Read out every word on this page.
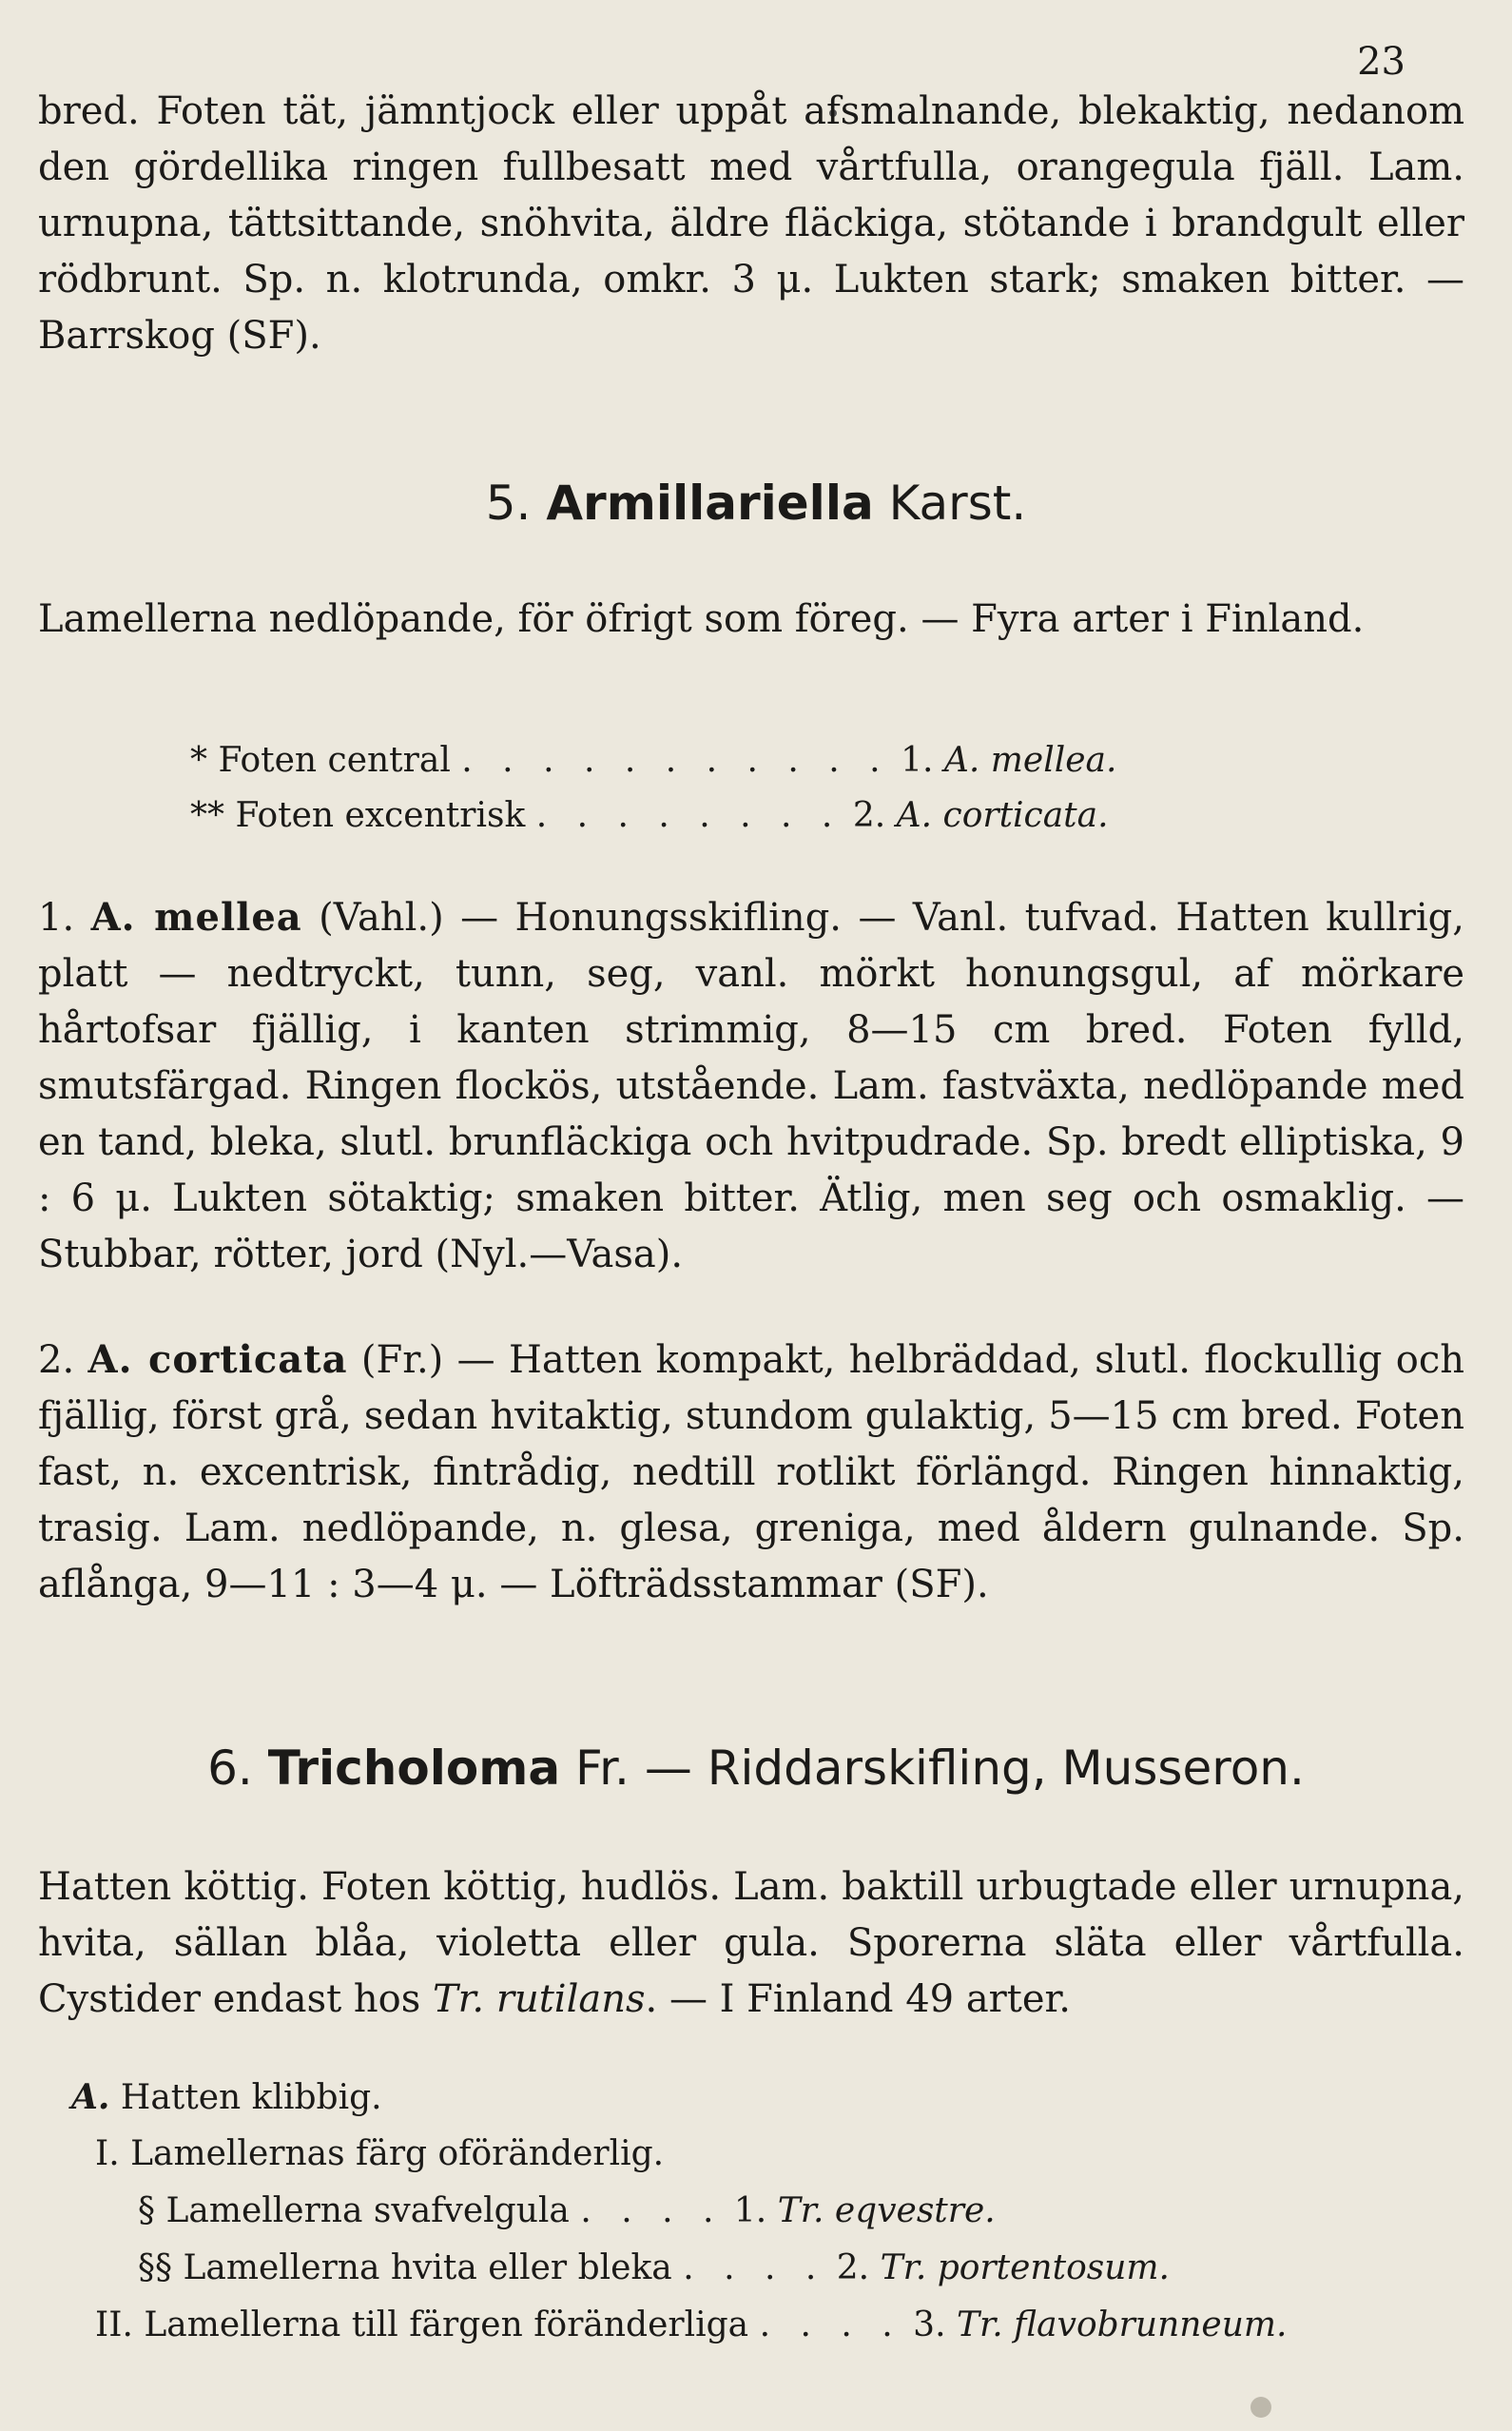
23
bred. Foten tät, jämntjock eller uppåt afsmalnande, blekaktig, nedanom den gördellika ringen fullbesatt med vårtfulla, orangegula fjäll. Lam. urnupna, tättsittande, snöhvita, äldre fläckiga, stötande i brandgult eller rödbrunt. Sp. n. klotrunda, omkr. 3 μ. Lukten stark; smaken bitter. — Barrskog (SF).
5. Armillariella Karst.
Lamellerna nedlöpande, för öfrigt som föreg. — Fyra arter i Finland.
* Foten central . . . . . . . . . . . 1. A. mellea.
** Foten excentrisk . . . . . . . . 2. A. corticata.
1. A. mellea (Vahl.) — Honungsskifling. — Vanl. tufvad. Hatten kullrig, platt — nedtryckt, tunn, seg, vanl. mörkt honungsgul, af mörkare hårtofsar fjällig, i kanten strimmig, 8—15 cm bred. Foten fylld, smutsfärgad. Ringen flockös, utstående. Lam. fastväxta, nedlöpande med en tand, bleka, slutl. brunfläckiga och hvitpudrade. Sp. bredt elliptiska, 9 : 6 μ. Lukten sötaktig; smaken bitter. Ätlig, men seg och osmaklig. — Stubbar, rötter, jord (Nyl.—Vasa).
2. A. corticata (Fr.) — Hatten kompakt, helbräddad, slutl. flockullig och fjällig, först grå, sedan hvitaktig, stundom gulaktig, 5—15 cm bred. Foten fast, n. excentrisk, fintrådig, nedtill rotlikt förlängd. Ringen hinnaktig, trasig. Lam. nedlöpande, n. glesa, greniga, med åldern gulnande. Sp. aflånga, 9—11 : 3—4 μ. — Löfträdsstammar (SF).
6. Tricholoma Fr. — Riddarskifling, Musseron.
Hatten köttig. Foten köttig, hudlös. Lam. baktill urbugtade eller urnupna, hvita, sällan blåa, violetta eller gula. Sporerna släta eller vårtfulla. Cystider endast hos Tr. rutilans. — I Finland 49 arter.
A. Hatten klibbig.
I. Lamellernas färg oföränderlig.
§ Lamellerna svafvelgula . . . . 1. Tr. eqvestre.
§§ Lamellerna hvita eller bleka . . . . 2. Tr. portentosum.
II. Lamellerna till färgen föränderliga . . . . 3. Tr. flavobrunneum.
